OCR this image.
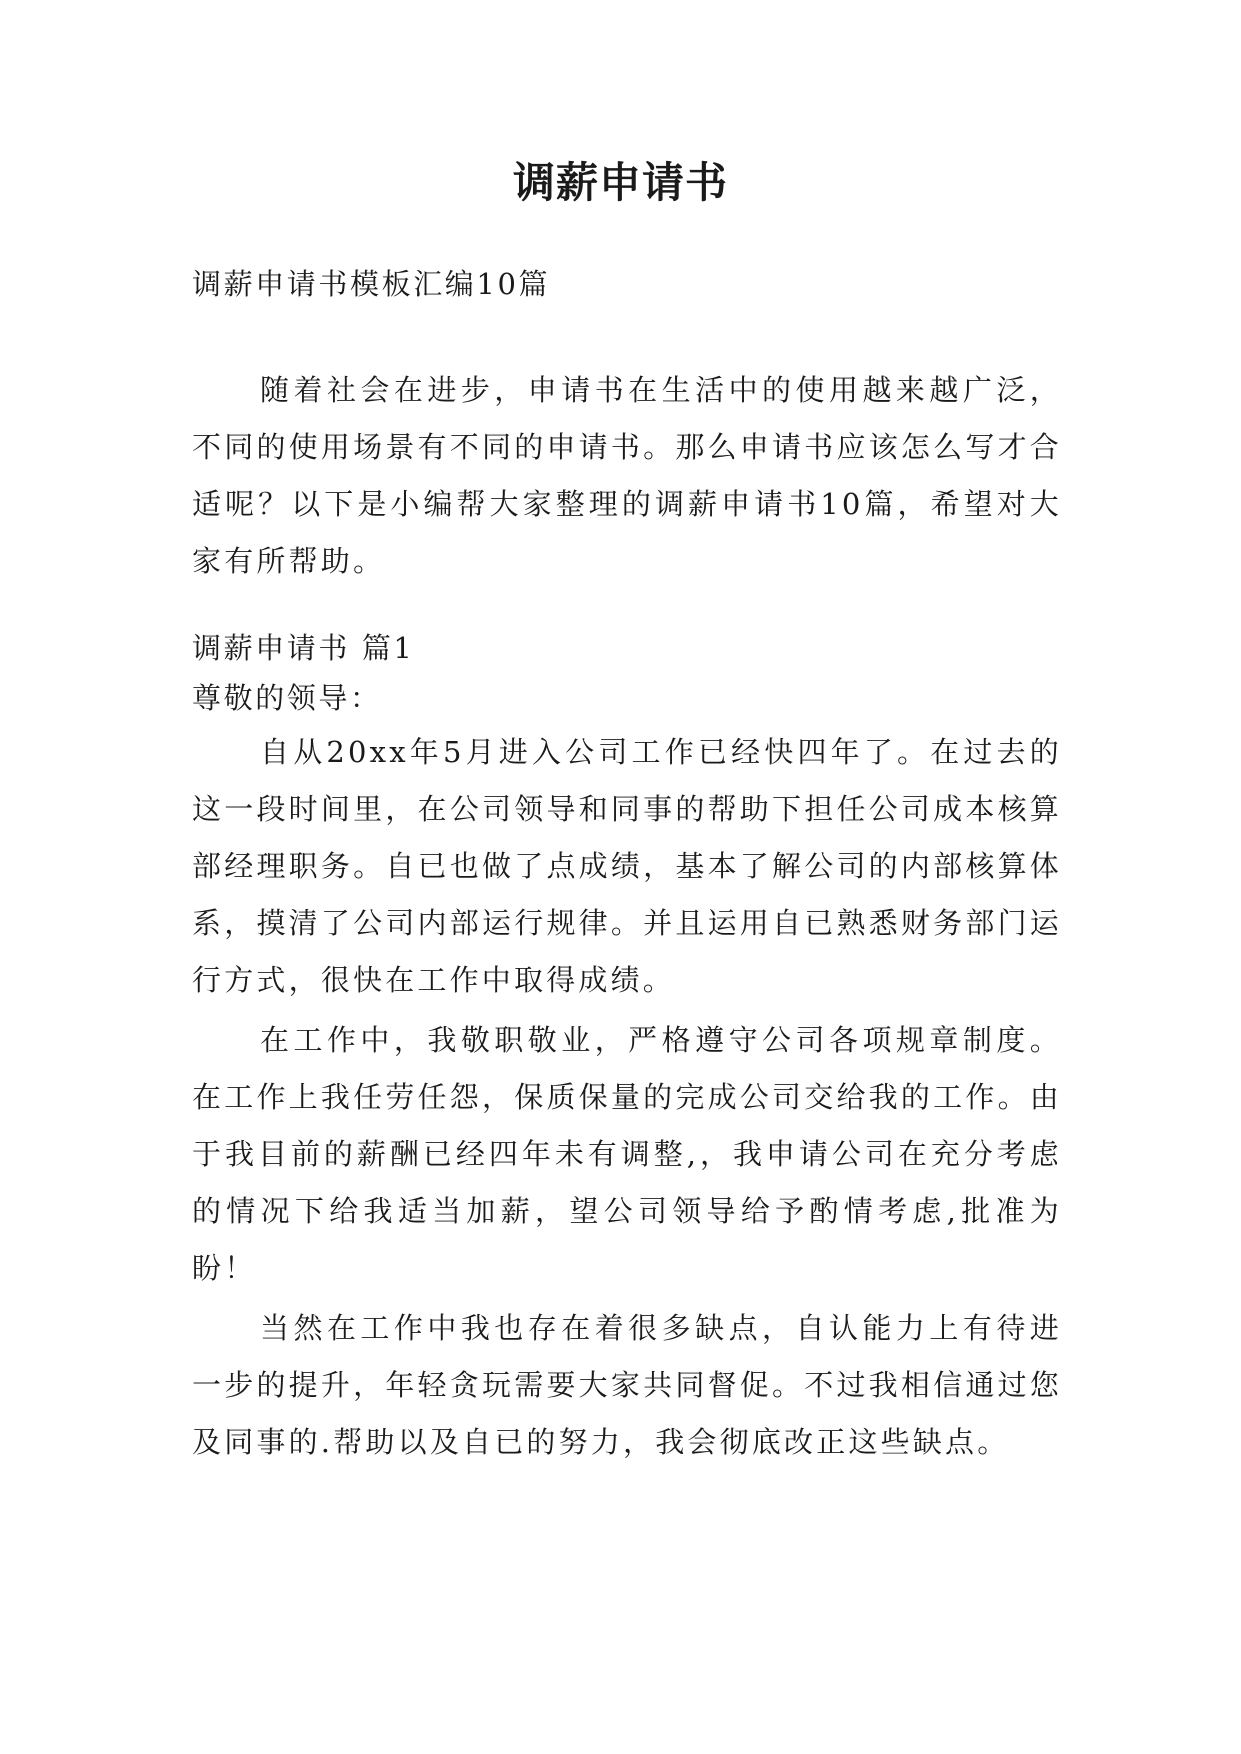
调薪申请书

调薪申请书模板汇编10篇

随着社会在进步，申请书在生活中的使用越来越广泛，不同的使用场景有不同的申请书。那么申请书应该怎么写才合适呢？以下是小编帮大家整理的调薪申请书10篇，希望对大家有所帮助。

调薪申请书 篇1

尊敬的领导：

自从20xx年5月进入公司工作已经快四年了。在过去的这一段时间里，在公司领导和同事的帮助下担任公司成本核算部经理职务。自已也做了点成绩，基本了解公司的内部核算体系，摸清了公司内部运行规律。并且运用自已熟悉财务部门运行方式，很快在工作中取得成绩。

在工作中，我敬职敬业，严格遵守公司各项规章制度。在工作上我任劳任怨，保质保量的完成公司交给我的工作。由于我目前的薪酬已经四年未有调整,，我申请公司在充分考虑的情况下给我适当加薪，望公司领导给予酌情考虑,批准为盼！

当然在工作中我也存在着很多缺点，自认能力上有待进一步的提升，年轻贪玩需要大家共同督促。不过我相信通过您及同事的.帮助以及自已的努力，我会彻底改正这些缺点。
